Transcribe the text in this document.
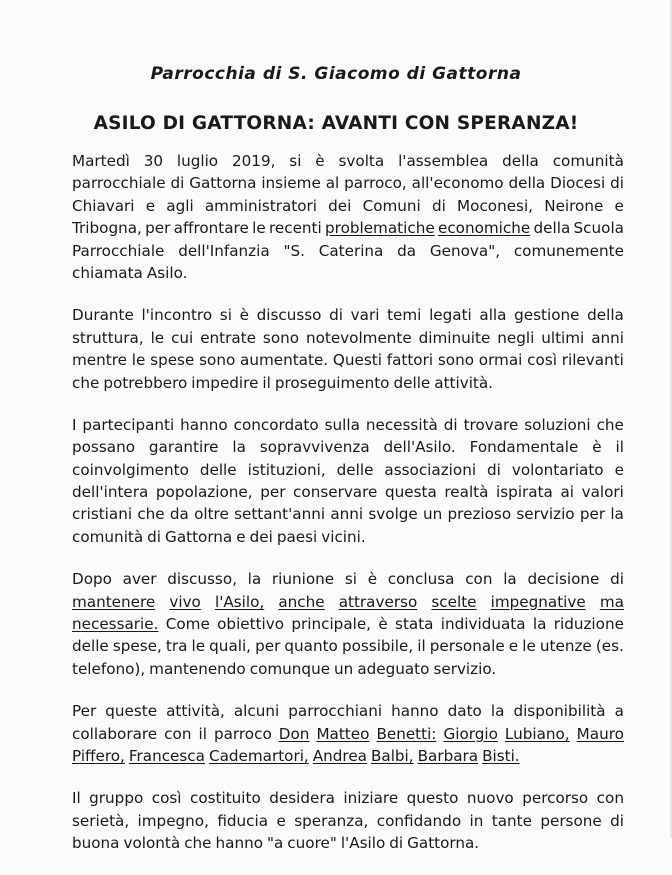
Parrocchia di S. Giacomo di Gattorna
ASILO DI GATTORNA: AVANTI CON SPERANZA!
Martedì 30 luglio 2019, si è svolta l'assemblea della comunità
parrocchiale di Gattorna insieme al parroco, all'economo della Diocesi di
Chiavari e agli amministratori dei Comuni di Moconesi, Neirone e
Tribogna, per affrontare le recenti problematiche economiche della Scuola
Parrocchiale dell'Infanzia "S. Caterina da Genova", comunemente
chiamata Asilo.
Durante l'incontro si è discusso di vari temi legati alla gestione della
struttura, le cui entrate sono notevolmente diminuite negli ultimi anni
mentre le spese sono aumentate. Questi fattori sono ormai così rilevanti
che potrebbero impedire il proseguimento delle attività.
I partecipanti hanno concordato sulla necessità di trovare soluzioni che
possano garantire la sopravvivenza dell'Asilo. Fondamentale è il
coinvolgimento delle istituzioni, delle associazioni di volontariato e
dell'intera popolazione, per conservare questa realtà ispirata ai valori
cristiani che da oltre settant'anni anni svolge un prezioso servizio per la
comunità di Gattorna e dei paesi vicini.
Dopo aver discusso, la riunione si è conclusa con la decisione di
mantenere vivo l'Asilo, anche attraverso scelte impegnative ma
necessarie. Come obiettivo principale, è stata individuata la riduzione
delle spese, tra le quali, per quanto possibile, il personale e le utenze (es.
telefono), mantenendo comunque un adeguato servizio.
Per queste attività, alcuni parrocchiani hanno dato la disponibilità a
collaborare con il parroco Don Matteo Benetti: Giorgio Lubiano, Mauro
Piffero, Francesca Cademartori, Andrea Balbi, Barbara Bisti.
Il gruppo così costituito desidera iniziare questo nuovo percorso con
serietà, impegno, fiducia e speranza, confidando in tante persone di
buona volontà che hanno "a cuore" l'Asilo di Gattorna.
